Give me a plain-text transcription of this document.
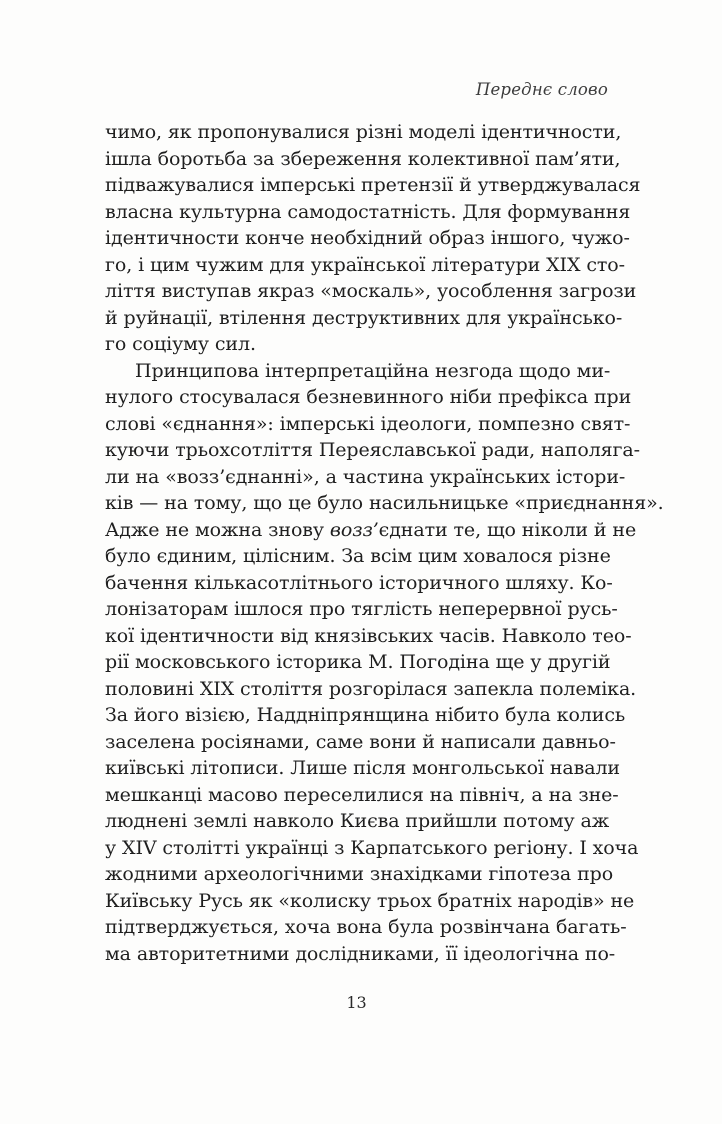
Переднє слово
чимо, як пропонувалися різні моделі ідентичности,
ішла боротьба за збереження колективної пам’яти,
підважувалися імперські претензії й утверджувалася
власна культурна самодостатність. Для формування
ідентичности конче необхідний образ іншого, чужо-
го, і цим чужим для української літератури XIX сто-
ліття виступав якраз «москаль», уособлення загрози
й руйнації, втілення деструктивних для українсько-
го соціуму сил.
Принципова інтерпретаційна незгода щодо ми-
нулого стосувалася безневинного ніби префікса при
слові «єднання»: імперські ідеологи, помпезно свят-
куючи трьохсотліття Переяславської ради, наполяга-
ли на «возз’єднанні», а частина українських істори-
ків — на тому, що це було насильницьке «приєднання».
Адже не можна знову возз’єднати те, що ніколи й не
було єдиним, цілісним. За всім цим ховалося різне
бачення кількасотлітнього історичного шляху. Ко-
лонізаторам ішлося про тяглість неперервної русь-
кої ідентичности від князівських часів. Навколо тео-
рії московського історика М. Погодіна ще у другій
половині XIX століття розгорілася запекла полеміка.
За його візією, Наддніпрянщина нібито була колись
заселена росіянами, саме вони й написали давньо-
київські літописи. Лише після монгольської навали
мешканці масово переселилися на північ, а на зне-
люднені землі навколо Києва прийшли потому аж
у XIV столітті українці з Карпатського регіону. І хоча
жодними археологічними знахідками гіпотеза про
Київську Русь як «колиску трьох братніх народів» не
підтверджується, хоча вона була розвінчана багать-
ма авторитетними дослідниками, її ідеологічна по-
13
